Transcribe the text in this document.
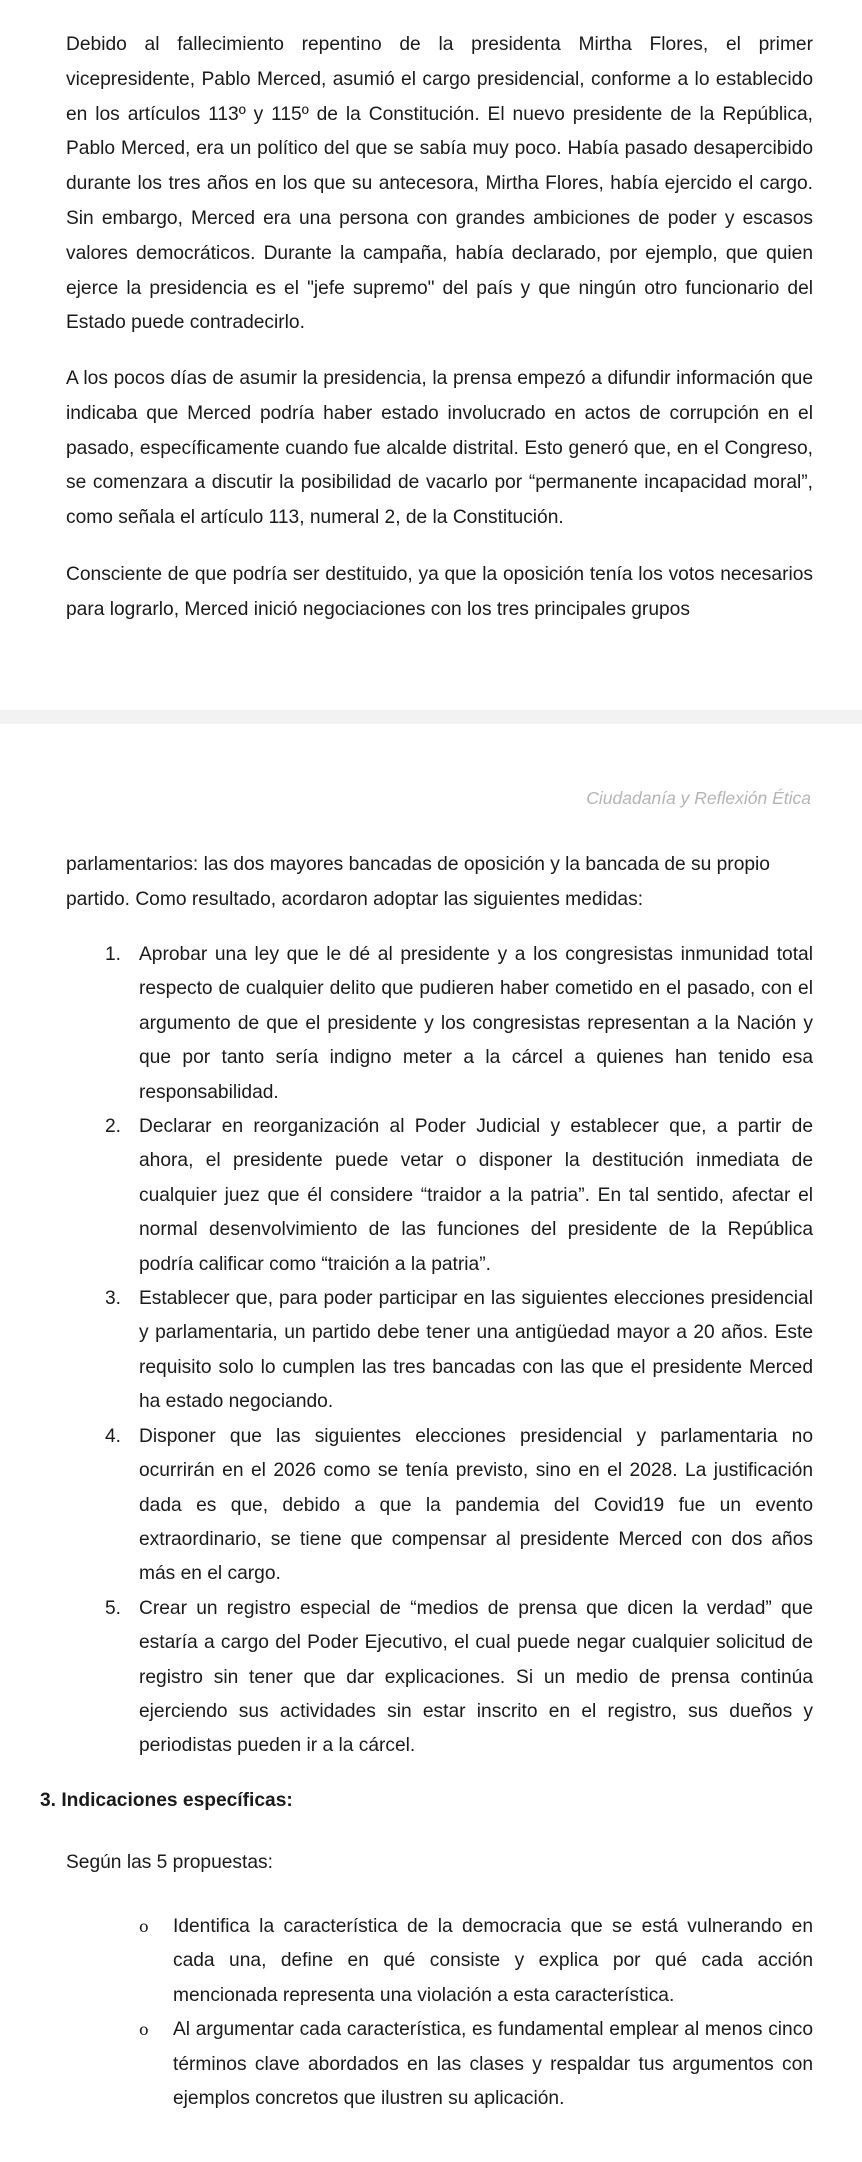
Debido al fallecimiento repentino de la presidenta Mirtha Flores, el primer vicepresidente, Pablo Merced, asumió el cargo presidencial, conforme a lo establecido en los artículos 113º y 115º de la Constitución. El nuevo presidente de la República, Pablo Merced, era un político del que se sabía muy poco. Había pasado desapercibido durante los tres años en los que su antecesora, Mirtha Flores, había ejercido el cargo. Sin embargo, Merced era una persona con grandes ambiciones de poder y escasos valores democráticos. Durante la campaña, había declarado, por ejemplo, que quien ejerce la presidencia es el "jefe supremo" del país y que ningún otro funcionario del Estado puede contradecirlo.

A los pocos días de asumir la presidencia, la prensa empezó a difundir información que indicaba que Merced podría haber estado involucrado en actos de corrupción en el pasado, específicamente cuando fue alcalde distrital. Esto generó que, en el Congreso, se comenzara a discutir la posibilidad de vacarlo por “permanente incapacidad moral”, como señala el artículo 113, numeral 2, de la Constitución.

Consciente de que podría ser destituido, ya que la oposición tenía los votos necesarios para lograrlo, Merced inició negociaciones con los tres principales grupos

Ciudadanía y Reflexión Ética

parlamentarios: las dos mayores bancadas de oposición y la bancada de su propio partido. Como resultado, acordaron adoptar las siguientes medidas:

1. Aprobar una ley que le dé al presidente y a los congresistas inmunidad total respecto de cualquier delito que pudieren haber cometido en el pasado, con el argumento de que el presidente y los congresistas representan a la Nación y que por tanto sería indigno meter a la cárcel a quienes han tenido esa responsabilidad.
2. Declarar en reorganización al Poder Judicial y establecer que, a partir de ahora, el presidente puede vetar o disponer la destitución inmediata de cualquier juez que él considere “traidor a la patria”. En tal sentido, afectar el normal desenvolvimiento de las funciones del presidente de la República podría calificar como “traición a la patria”.
3. Establecer que, para poder participar en las siguientes elecciones presidencial y parlamentaria, un partido debe tener una antigüedad mayor a 20 años. Este requisito solo lo cumplen las tres bancadas con las que el presidente Merced ha estado negociando.
4. Disponer que las siguientes elecciones presidencial y parlamentaria no ocurrirán en el 2026 como se tenía previsto, sino en el 2028. La justificación dada es que, debido a que la pandemia del Covid19 fue un evento extraordinario, se tiene que compensar al presidente Merced con dos años más en el cargo.
5. Crear un registro especial de “medios de prensa que dicen la verdad” que estaría a cargo del Poder Ejecutivo, el cual puede negar cualquier solicitud de registro sin tener que dar explicaciones. Si un medio de prensa continúa ejerciendo sus actividades sin estar inscrito en el registro, sus dueños y periodistas pueden ir a la cárcel.

3. Indicaciones específicas:

Según las 5 propuestas:

o Identifica la característica de la democracia que se está vulnerando en cada una, define en qué consiste y explica por qué cada acción mencionada representa una violación a esta característica.
o Al argumentar cada característica, es fundamental emplear al menos cinco términos clave abordados en las clases y respaldar tus argumentos con ejemplos concretos que ilustren su aplicación.
